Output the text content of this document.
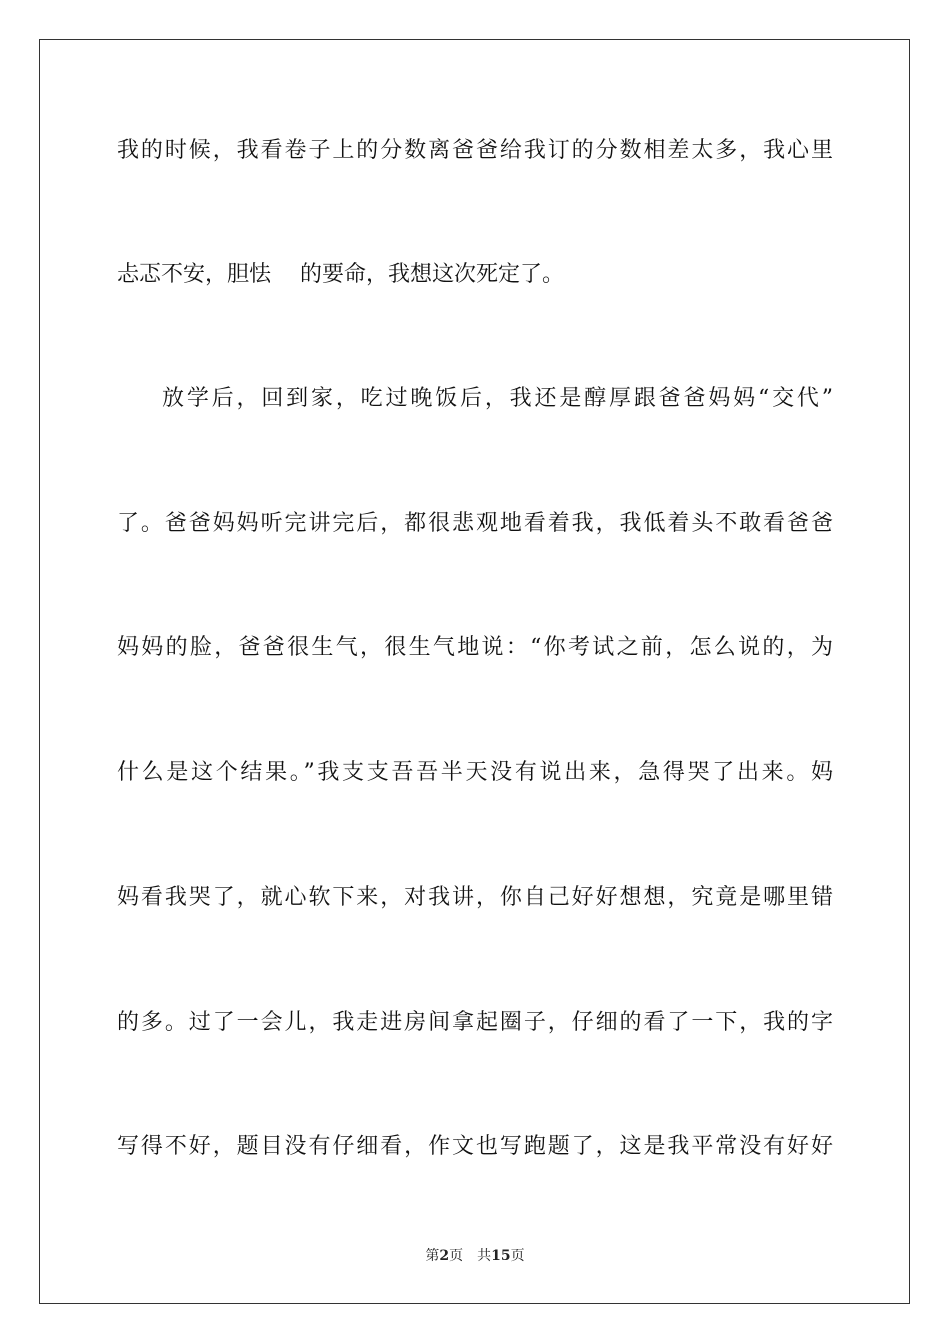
我的时候，我看卷子上的分数离爸爸给我订的分数相差太多，我心里
忐忑不安，胆怯　 的要命，我想这次死定了。
放学后，回到家，吃过晚饭后，我还是醇厚跟爸爸妈妈“交代”
了。爸爸妈妈听完讲完后，都很悲观地看着我，我低着头不敢看爸爸
妈妈的脸，爸爸很生气，很生气地说：“你考试之前，怎么说的，为
什么是这个结果。”我支支吾吾半天没有说出来，急得哭了出来。妈
妈看我哭了，就心软下来，对我讲，你自己好好想想，究竟是哪里错
的多。过了一会儿，我走进房间拿起圈子，仔细的看了一下，我的字
写得不好，题目没有仔细看，作文也写跑题了，这是我平常没有好好
第2页 共15页
